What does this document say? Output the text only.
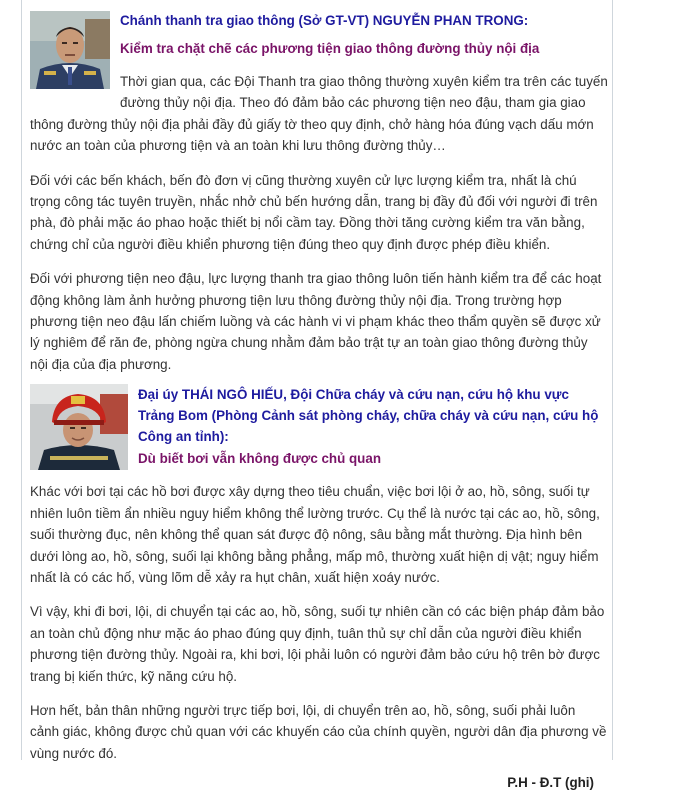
Chánh thanh tra giao thông (Sở GT-VT) NGUYỄN PHAN TRONG:
Kiểm tra chặt chẽ các phương tiện giao thông đường thủy nội địa

Thời gian qua, các Đội Thanh tra giao thông thường xuyên kiểm tra trên các tuyến đường thủy nội địa. Theo đó đảm bảo các phương tiện neo đậu, tham gia giao thông đường thủy nội địa phải đầy đủ giấy tờ theo quy định, chở hàng hóa đúng vạch dấu mớn nước an toàn của phương tiện và an toàn khi lưu thông đường thủy…

Đối với các bến khách, bến đò đơn vị cũng thường xuyên cử lực lượng kiểm tra, nhất là chú trọng công tác tuyên truyền, nhắc nhở chủ bến hướng dẫn, trang bị đầy đủ đối với người đi trên phà, đò phải mặc áo phao hoặc thiết bị nổi cầm tay. Đồng thời tăng cường kiểm tra văn bằng, chứng chỉ của người điều khiển phương tiện đúng theo quy định được phép điều khiển.

Đối với phương tiện neo đậu, lực lượng thanh tra giao thông luôn tiến hành kiểm tra để các hoạt động không làm ảnh hưởng phương tiện lưu thông đường thủy nội địa. Trong trường hợp phương tiện neo đậu lấn chiếm luồng và các hành vi vi phạm khác theo thẩm quyền sẽ được xử lý nghiêm để răn đe, phòng ngừa chung nhằm đảm bảo trật tự an toàn giao thông đường thủy nội địa của địa phương.

Đại úy THÁI NGÔ HIẾU, Đội Chữa cháy và cứu nạn, cứu hộ khu vực Trảng Bom (Phòng Cảnh sát phòng cháy, chữa cháy và cứu nạn, cứu hộ Công an tỉnh):
Dù biết bơi vẫn không được chủ quan

Khác với bơi tại các hồ bơi được xây dựng theo tiêu chuẩn, việc bơi lội ở ao, hồ, sông, suối tự nhiên luôn tiềm ẩn nhiều nguy hiểm không thể lường trước. Cụ thể là nước tại các ao, hồ, sông, suối thường đục, nên không thể quan sát được độ nông, sâu bằng mắt thường. Địa hình bên dưới lòng ao, hồ, sông, suối lại không bằng phẳng, mấp mô, thường xuất hiện dị vật; nguy hiểm nhất là có các hố, vùng lõm dễ xảy ra hụt chân, xuất hiện xoáy nước.

Vì vậy, khi đi bơi, lội, di chuyển tại các ao, hồ, sông, suối tự nhiên cần có các biện pháp đảm bảo an toàn chủ động như mặc áo phao đúng quy định, tuân thủ sự chỉ dẫn của người điều khiển phương tiện đường thủy. Ngoài ra, khi bơi, lội phải luôn có người đảm bảo cứu hộ trên bờ được trang bị kiến thức, kỹ năng cứu hộ.

Hơn hết, bản thân những người trực tiếp bơi, lội, di chuyển trên ao, hồ, sông, suối phải luôn cảnh giác, không được chủ quan với các khuyến cáo của chính quyền, người dân địa phương về vùng nước đó.

P.H - Đ.T (ghi)
